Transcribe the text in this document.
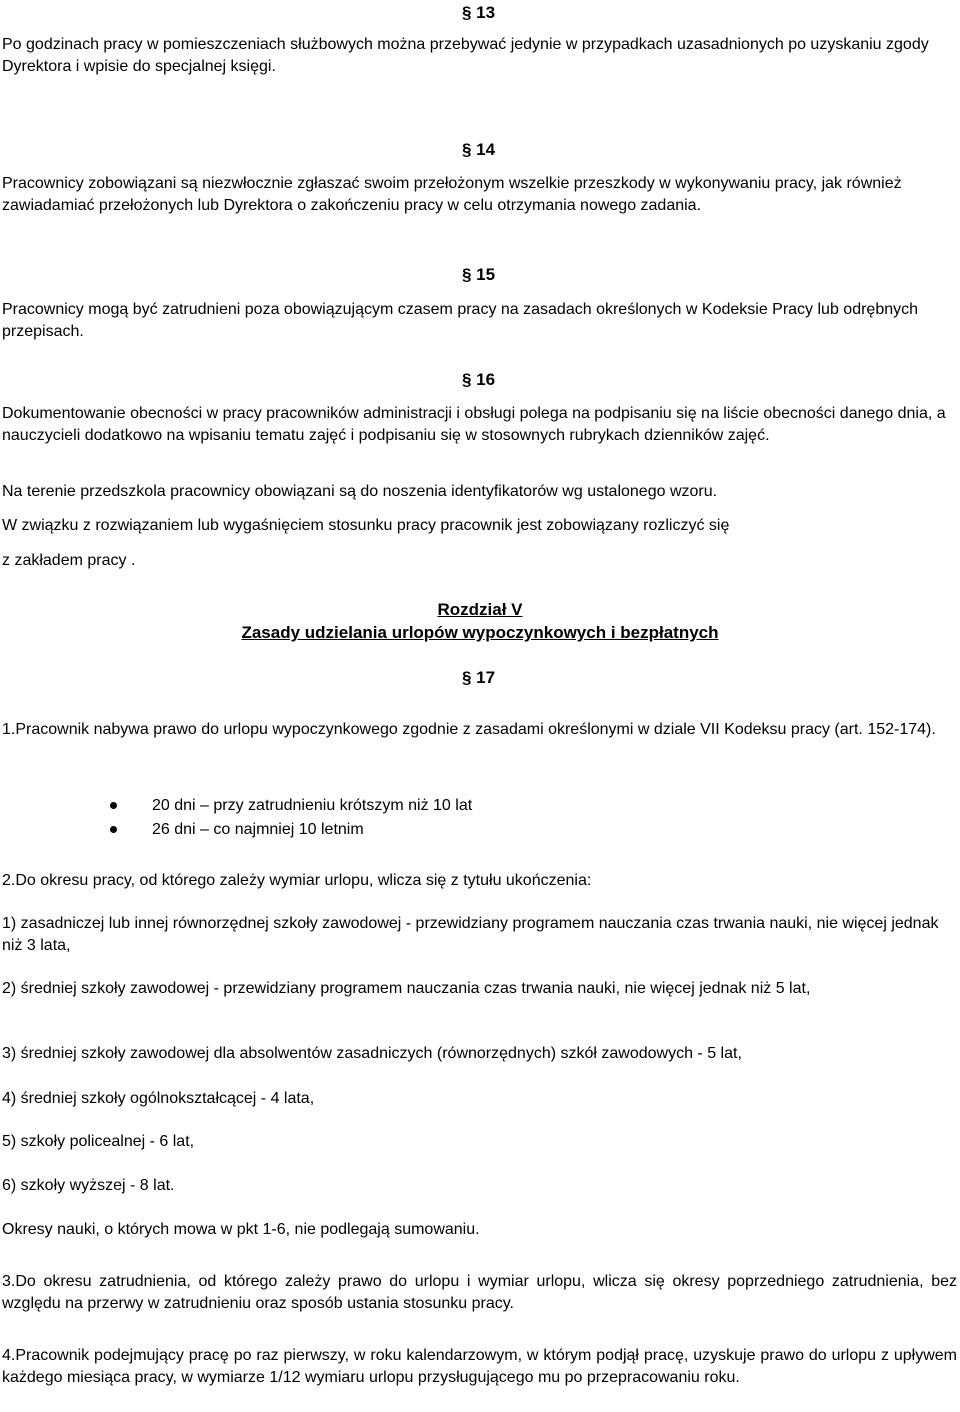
§ 13

Po godzinach pracy w pomieszczeniach służbowych można przebywać jedynie w przypadkach uzasadnionych po uzyskaniu zgody Dyrektora i wpisie do specjalnej księgi.

§ 14

Pracownicy zobowiązani są niezwłocznie zgłaszać swoim przełożonym wszelkie przeszkody w wykonywaniu pracy, jak również zawiadamiać przełożonych lub Dyrektora o zakończeniu pracy w celu otrzymania nowego zadania.

§ 15

Pracownicy mogą być zatrudnieni poza obowiązującym czasem pracy na zasadach określonych w Kodeksie Pracy lub odrębnych przepisach.

§ 16

Dokumentowanie obecności w pracy pracowników administracji i obsługi polega na podpisaniu się na liście obecności danego dnia, a nauczycieli dodatkowo na wpisaniu tematu zajęć i podpisaniu się w stosownych rubrykach dzienników zajęć.

Na terenie przedszkola pracownicy obowiązani są do noszenia identyfikatorów wg ustalonego wzoru.

W związku z rozwiązaniem lub wygaśnięciem stosunku pracy pracownik jest zobowiązany rozliczyć się

z zakładem pracy .

Rozdział V
Zasady udzielania urlopów wypoczynkowych i bezpłatnych
§ 17

1.Pracownik nabywa prawo do urlopu wypoczynkowego zgodnie z zasadami określonymi w dziale VII Kodeksu pracy (art. 152-174).

20 dni – przy zatrudnieniu krótszym niż 10 lat
26 dni – co najmniej 10 letnim

2.Do okresu pracy, od którego zależy wymiar urlopu, wlicza się z tytułu ukończenia:

1) zasadniczej lub innej równorzędnej szkoły zawodowej - przewidziany programem nauczania czas trwania nauki, nie więcej jednak niż 3 lata,

2) średniej szkoły zawodowej - przewidziany programem nauczania czas trwania nauki, nie więcej jednak niż 5 lat,

3) średniej szkoły zawodowej dla absolwentów zasadniczych (równorzędnych) szkół zawodowych - 5 lat,

4) średniej szkoły ogólnokształcącej - 4 lata,

5) szkoły policealnej - 6 lat,

6) szkoły wyższej - 8 lat.

Okresy nauki, o których mowa w pkt 1-6, nie podlegają sumowaniu.

3.Do okresu zatrudnienia, od którego zależy prawo do urlopu i wymiar urlopu, wlicza się okresy poprzedniego zatrudnienia, bez względu na przerwy w zatrudnieniu oraz sposób ustania stosunku pracy.

4.Pracownik podejmujący pracę po raz pierwszy, w roku kalendarzowym, w którym podjął pracę, uzyskuje prawo do urlopu z upływem każdego miesiąca pracy, w wymiarze 1/12 wymiaru urlopu przysługującego mu po przepracowaniu roku.
